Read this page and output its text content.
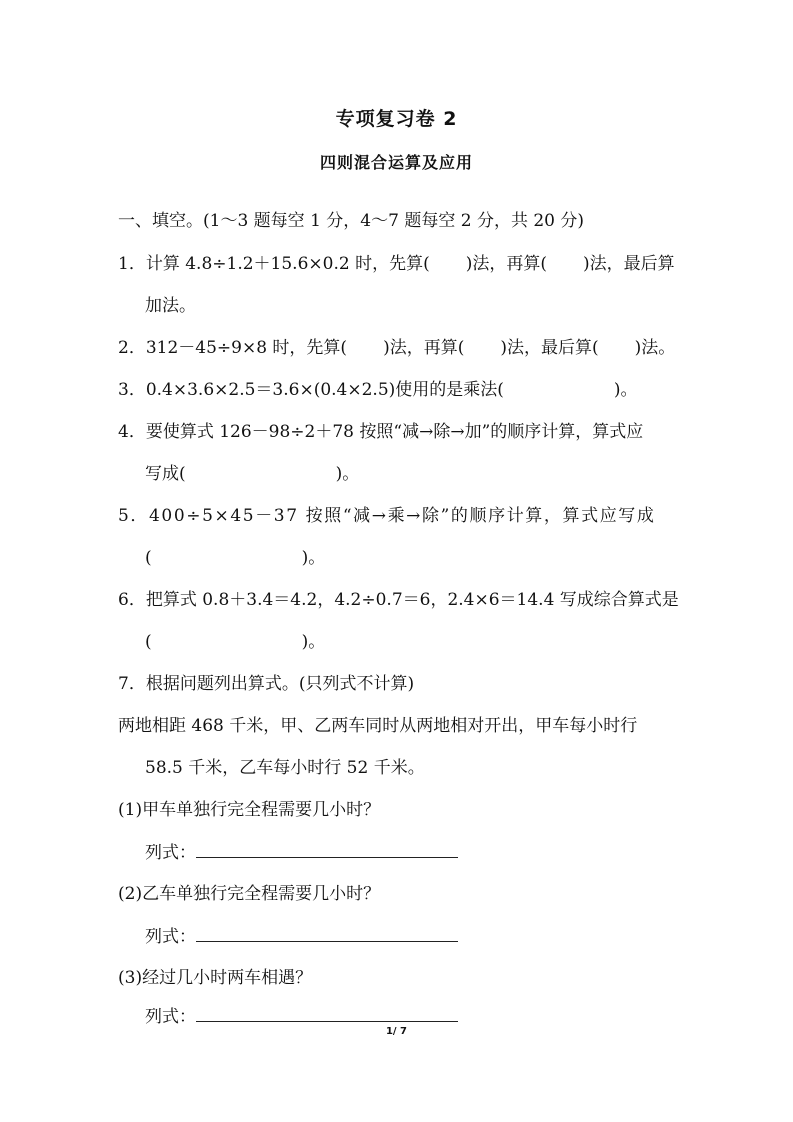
专项复习卷 2
四则混合运算及应用
一、填空。(1～3 题每空 1 分，4～7 题每空 2 分，共 20 分)
1．计算 4.8÷1.2＋15.6×0.2 时，先算( )法，再算( )法，最后算
加法。
2．312－45÷9×8 时，先算( )法，再算( )法，最后算( )法。
3．0.4×3.6×2.5＝3.6×(0.4×2.5)使用的是乘法(	)。
4．要使算式 126－98÷2＋78 按照“减→除→加”的顺序计算，算式应
写成(	)。
5．400÷5×45－37 按照“减→乘→除”的顺序计算，算式应写成
(	)。
6．把算式 0.8＋3.4＝4.2，4.2÷0.7＝6，2.4×6＝14.4 写成综合算式是
(	)。
7．根据问题列出算式。(只列式不计算)
两地相距 468 千米，甲、乙两车同时从两地相对开出，甲车每小时行
58.5 千米，乙车每小时行 52 千米。
(1)甲车单独行完全程需要几小时？
列式：
(2)乙车单独行完全程需要几小时？
列式：
(3)经过几小时两车相遇？
列式：
1/ 7
